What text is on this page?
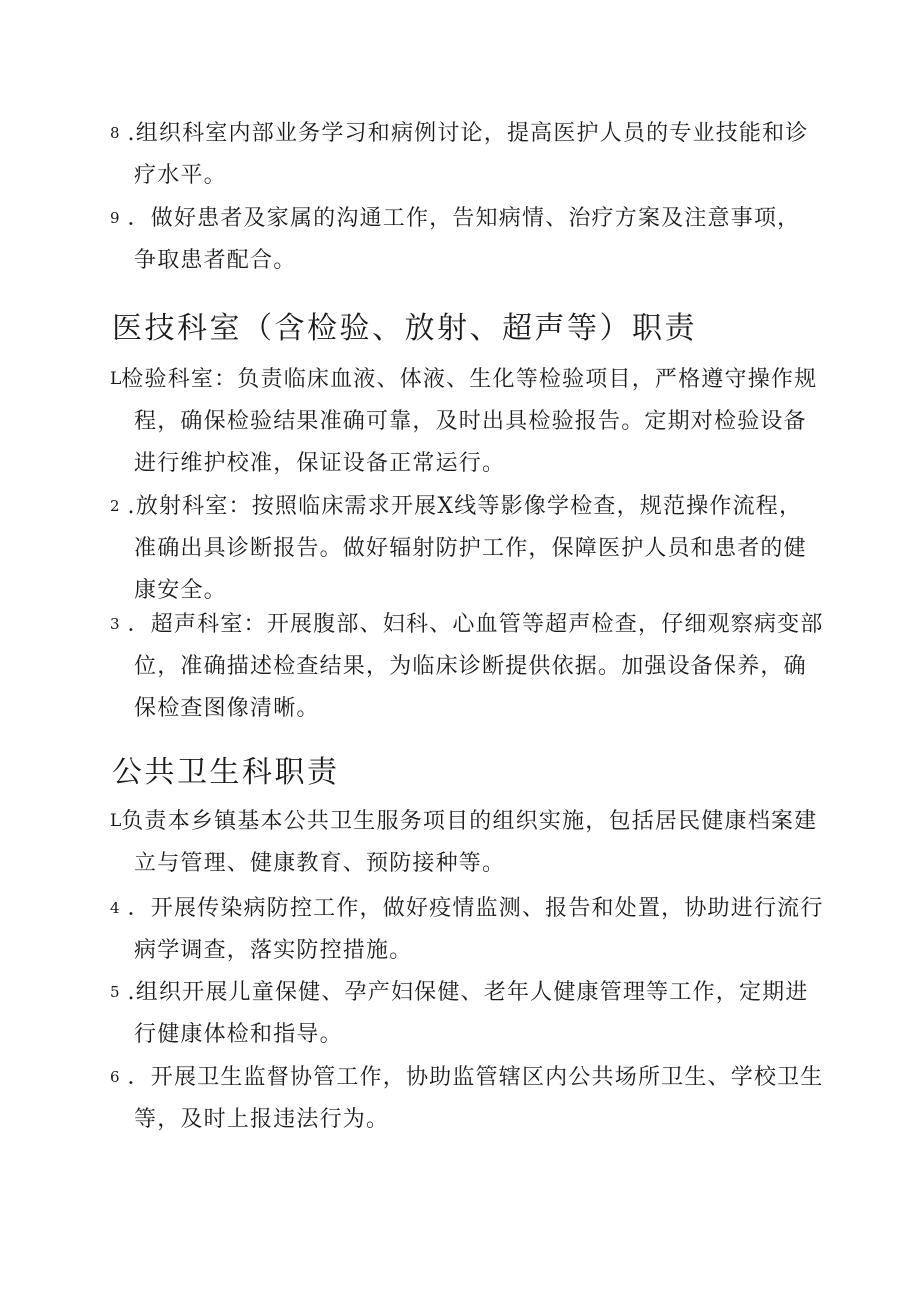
8 .组织科室内部业务学习和病例讨论，提高医护人员的专业技能和诊
疗水平。
9 ．做好患者及家属的沟通工作，告知病情、治疗方案及注意事项，
争取患者配合。
医技科室（含检验、放射、超声等）职责
L检验科室：负责临床血液、体液、生化等检验项目，严格遵守操作规
程，确保检验结果准确可靠，及时出具检验报告。定期对检验设备
进行维护校准，保证设备正常运行。
2 .放射科室：按照临床需求开展X线等影像学检查，规范操作流程，
准确出具诊断报告。做好辐射防护工作，保障医护人员和患者的健
康安全。
3 ．超声科室：开展腹部、妇科、心血管等超声检查，仔细观察病变部
位，准确描述检查结果，为临床诊断提供依据。加强设备保养，确
保检查图像清晰。
公共卫生科职责
L负责本乡镇基本公共卫生服务项目的组织实施，包括居民健康档案建
立与管理、健康教育、预防接种等。
4 ．开展传染病防控工作，做好疫情监测、报告和处置，协助进行流行
病学调查，落实防控措施。
5 .组织开展儿童保健、孕产妇保健、老年人健康管理等工作，定期进
行健康体检和指导。
6 ．开展卫生监督协管工作，协助监管辖区内公共场所卫生、学校卫生
等，及时上报违法行为。
